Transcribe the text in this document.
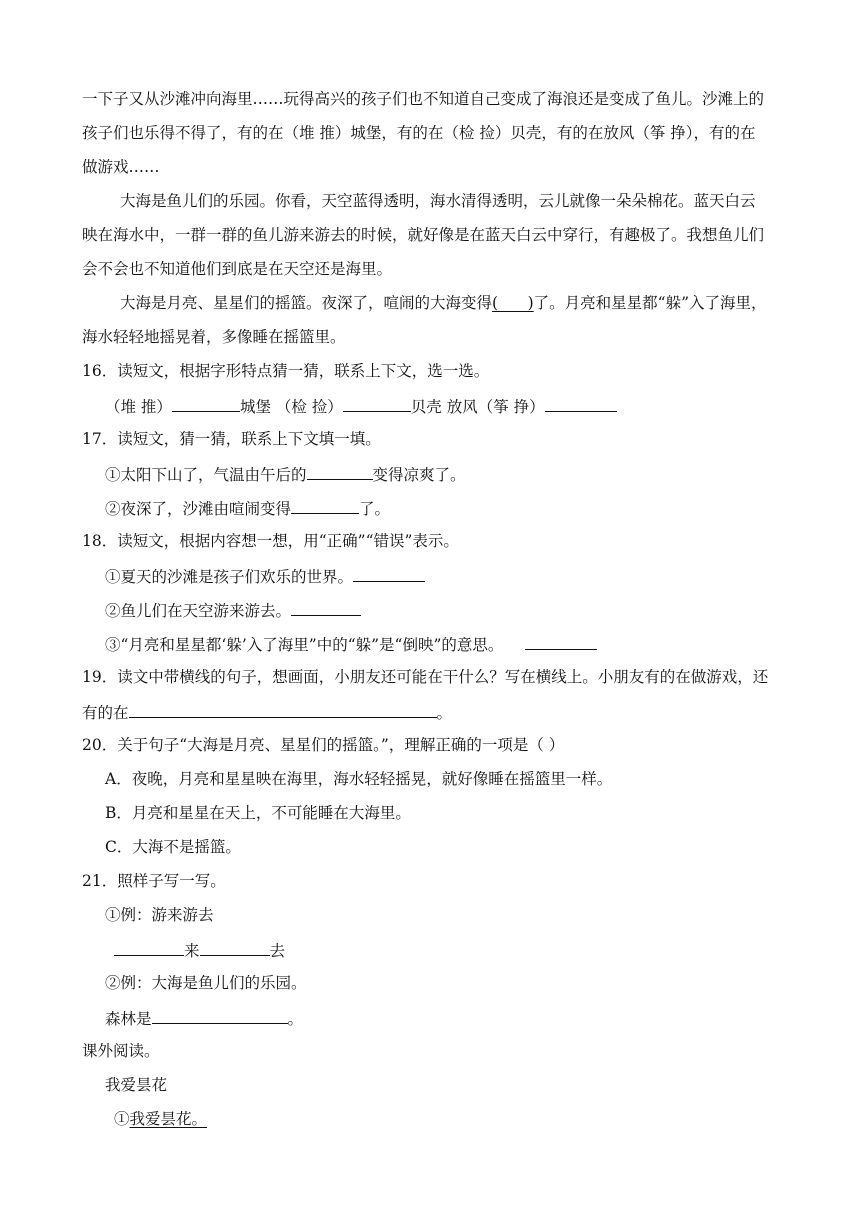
一下子又从沙滩冲向海里……玩得高兴的孩子们也不知道自己变成了海浪还是变成了鱼儿。沙滩上的
孩子们也乐得不得了，有的在（堆 推）城堡，有的在（检 捡）贝壳，有的在放风（筝 挣），有的在
做游戏……
大海是鱼儿们的乐园。你看，天空蓝得透明，海水清得透明，云儿就像一朵朵棉花。蓝天白云
映在海水中，一群一群的鱼儿游来游去的时候，就好像是在蓝天白云中穿行，有趣极了。我想鱼儿们
会不会也不知道他们到底是在天空还是海里。
大海是月亮、星星们的摇篮。夜深了，喧闹的大海变得(      )了。月亮和星星都“躲”入了海里，
海水轻轻地摇晃着，多像睡在摇篮里。
16．读短文，根据字形特点猜一猜，联系上下文，选一选。
（堆 推）	城堡 （检 捡）	贝壳 放风（筝 挣）
17．读短文，猜一猜，联系上下文填一填。
①太阳下山了，气温由午后的	变得凉爽了。
②夜深了，沙滩由喧闹变得	了。
18．读短文，根据内容想一想，用“正确”“错误”表示。
①夏天的沙滩是孩子们欢乐的世界。
②鱼儿们在天空游来游去。
③“月亮和星星都‘躲’入了海里”中的“躲”是“倒映”的意思。
19．读文中带横线的句子，想画面，小朋友还可能在干什么？写在横线上。小朋友有的在做游戏，还
有的在	。
20．关于句子“大海是月亮、星星们的摇篮。”，理解正确的一项是（ ）
A．夜晚，月亮和星星映在海里，海水轻轻摇晃，就好像睡在摇篮里一样。
B．月亮和星星在天上，不可能睡在大海里。
C．大海不是摇篮。
21．照样子写一写。
①例：游来游去
来	去
②例：大海是鱼儿们的乐园。
森林是	。
课外阅读。
我爱昙花
①我爱昙花。
